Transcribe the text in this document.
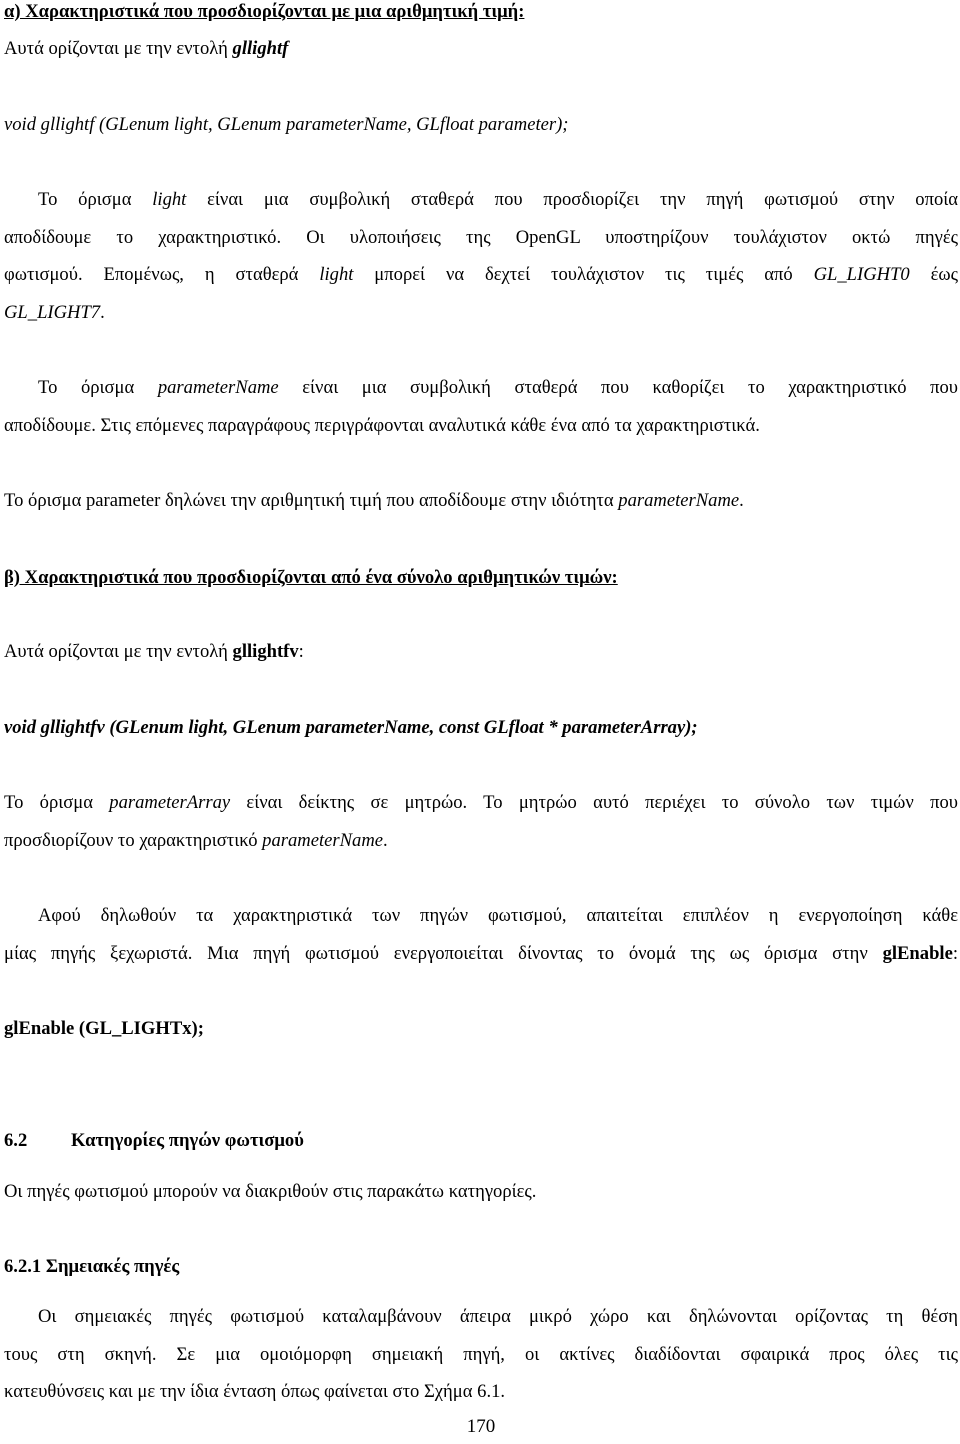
α) Χαρακτηριστικά που προσδιορίζονται με μια αριθμητική τιμή:

Αυτά ορίζονται με την εντολή gllightf

void gllightf (GLenum light, GLenum parameterName, GLfloat parameter);

Το όρισμα light είναι μια συμβολική σταθερά που προσδιορίζει την πηγή φωτισμού στην οποία
αποδίδουμε το χαρακτηριστικό. Οι υλοποιήσεις της OpenGL υποστηρίζουν τουλάχιστον οκτώ πηγές
φωτισμού. Επομένως, η σταθερά light μπορεί να δεχτεί τουλάχιστον τις τιμές από GL_LIGHT0 έως
GL_LIGHT7.
Το όρισμα parameterName είναι μια συμβολική σταθερά που καθορίζει το χαρακτηριστικό που
αποδίδουμε. Στις επόμενες παραγράφους περιγράφονται αναλυτικά κάθε ένα από τα χαρακτηριστικά.

Το όρισμα parameter δηλώνει την αριθμητική τιμή που αποδίδουμε στην ιδιότητα parameterName.

β) Χαρακτηριστικά που προσδιορίζονται από ένα σύνολο αριθμητικών τιμών:

Αυτά ορίζονται με την εντολή gllightfv:

void gllightfv (GLenum light, GLenum parameterName, const GLfloat * parameterArray);

Το όρισμα parameterArray είναι δείκτης σε μητρώο. Το μητρώο αυτό περιέχει το σύνολο των τιμών που
προσδιορίζουν το χαρακτηριστικό parameterName.
Αφού δηλωθούν τα χαρακτηριστικά των πηγών φωτισμού, απαιτείται επιπλέον η ενεργοποίηση κάθε
μίας πηγής ξεχωριστά. Μια πηγή φωτισμού ενεργοποιείται δίνοντας το όνομά της ως όρισμα στην glEnable:

glEnable (GL_LIGHTx);

6.2 Κατηγορίες πηγών φωτισμού

Οι πηγές φωτισμού μπορούν να διακριθούν στις παρακάτω κατηγορίες.

6.2.1 Σημειακές πηγές

Οι σημειακές πηγές φωτισμού καταλαμβάνουν άπειρα μικρό χώρο και δηλώνονται ορίζοντας τη θέση
τους στη σκηνή. Σε μια ομοιόμορφη σημειακή πηγή, οι ακτίνες διαδίδονται σφαιρικά προς όλες τις
κατευθύνσεις και με την ίδια ένταση όπως φαίνεται στο Σχήμα 6.1.
170
